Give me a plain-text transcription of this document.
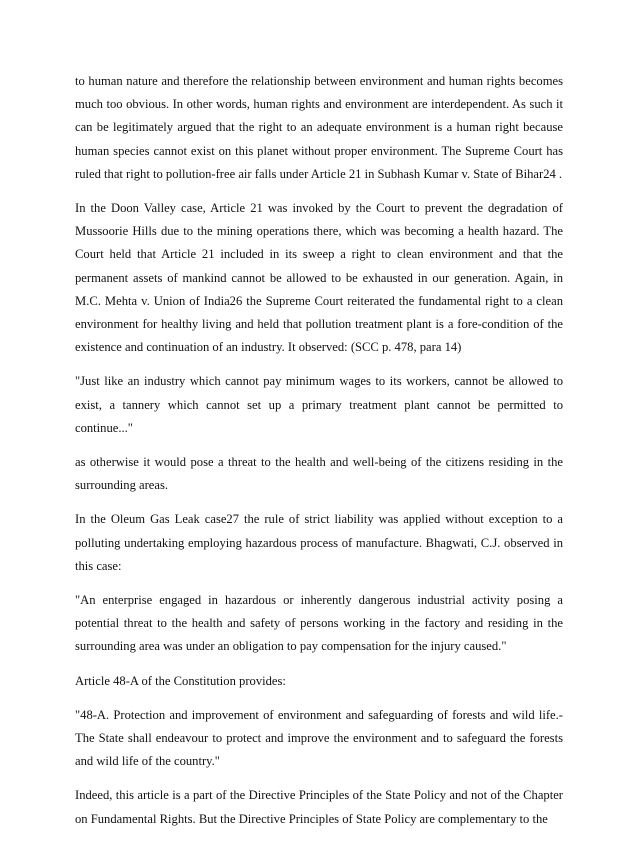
to human nature and therefore the relationship between environment and human rights becomes much too obvious. In other words, human rights and environment are interdependent. As such it can be legitimately argued that the right to an adequate environment is a human right because human species cannot exist on this planet without proper environment. The Supreme Court has ruled that right to pollution-free air falls under Article 21 in Subhash Kumar v. State of Bihar24 .

In the Doon Valley case, Article 21 was invoked by the Court to prevent the degradation of Mussoorie Hills due to the mining operations there, which was becoming a health hazard. The Court held that Article 21 included in its sweep a right to clean environment and that the permanent assets of mankind cannot be allowed to be exhausted in our generation. Again, in M.C. Mehta v. Union of India26 the Supreme Court reiterated the fundamental right to a clean environment for healthy living and held that pollution treatment plant is a fore-condition of the existence and continuation of an industry. It observed: (SCC p. 478, para 14)

"Just like an industry which cannot pay minimum wages to its workers, cannot be allowed to exist, a tannery which cannot set up a primary treatment plant cannot be permitted to continue..."

as otherwise it would pose a threat to the health and well-being of the citizens residing in the surrounding areas.

In the Oleum Gas Leak case27 the rule of strict liability was applied without exception to a polluting undertaking employing hazardous process of manufacture. Bhagwati, C.J. observed in this case:

"An enterprise engaged in hazardous or inherently dangerous industrial activity posing a potential threat to the health and safety of persons working in the factory and residing in the surrounding area was under an obligation to pay compensation for the injury caused."

Article 48-A of the Constitution provides:

"48-A. Protection and improvement of environment and safeguarding of forests and wild life.- The State shall endeavour to protect and improve the environment and to safeguard the forests and wild life of the country."

Indeed, this article is a part of the Directive Principles of the State Policy and not of the Chapter on Fundamental Rights. But the Directive Principles of State Policy are complementary to the
